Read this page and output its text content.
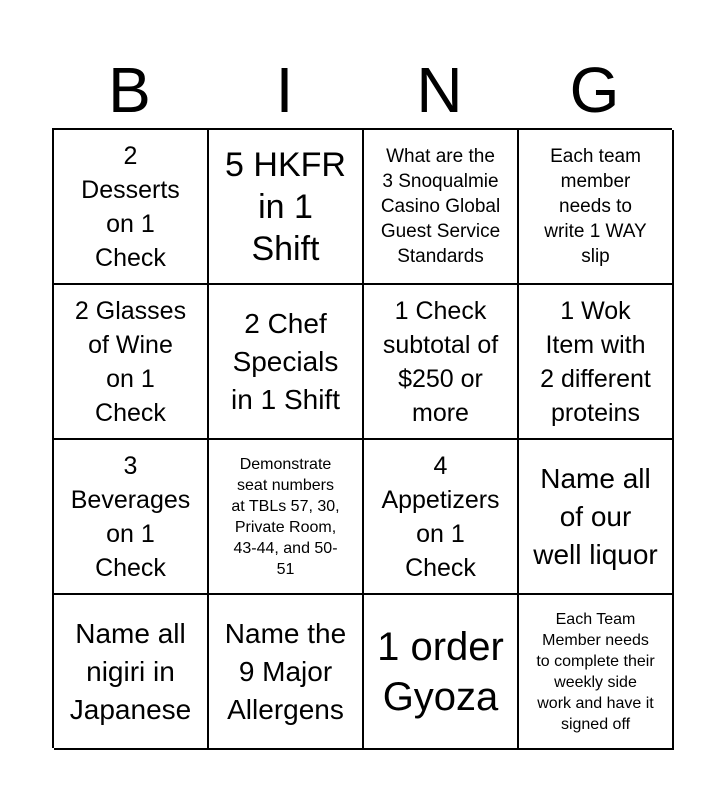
B	I	N	G
2
Desserts
on 1
Check
5 HKFR
in 1
Shift
What are the
3 Snoqualmie
Casino Global
Guest Service
Standards
Each team
member
needs to
write 1 WAY
slip
2 Glasses
of Wine
on 1
Check
2 Chef
Specials
in 1 Shift
1 Check
subtotal of
$250 or
more
1 Wok
Item with
2 different
proteins
3
Beverages
on 1
Check
Demonstrate
seat numbers
at TBLs 57, 30,
Private Room,
43-44, and 50-
51
4
Appetizers
on 1
Check
Name all
of our
well liquor
Name all
nigiri in
Japanese
Name the
9 Major
Allergens
1 order
Gyoza
Each Team
Member needs
to complete their
weekly side
work and have it
signed off
